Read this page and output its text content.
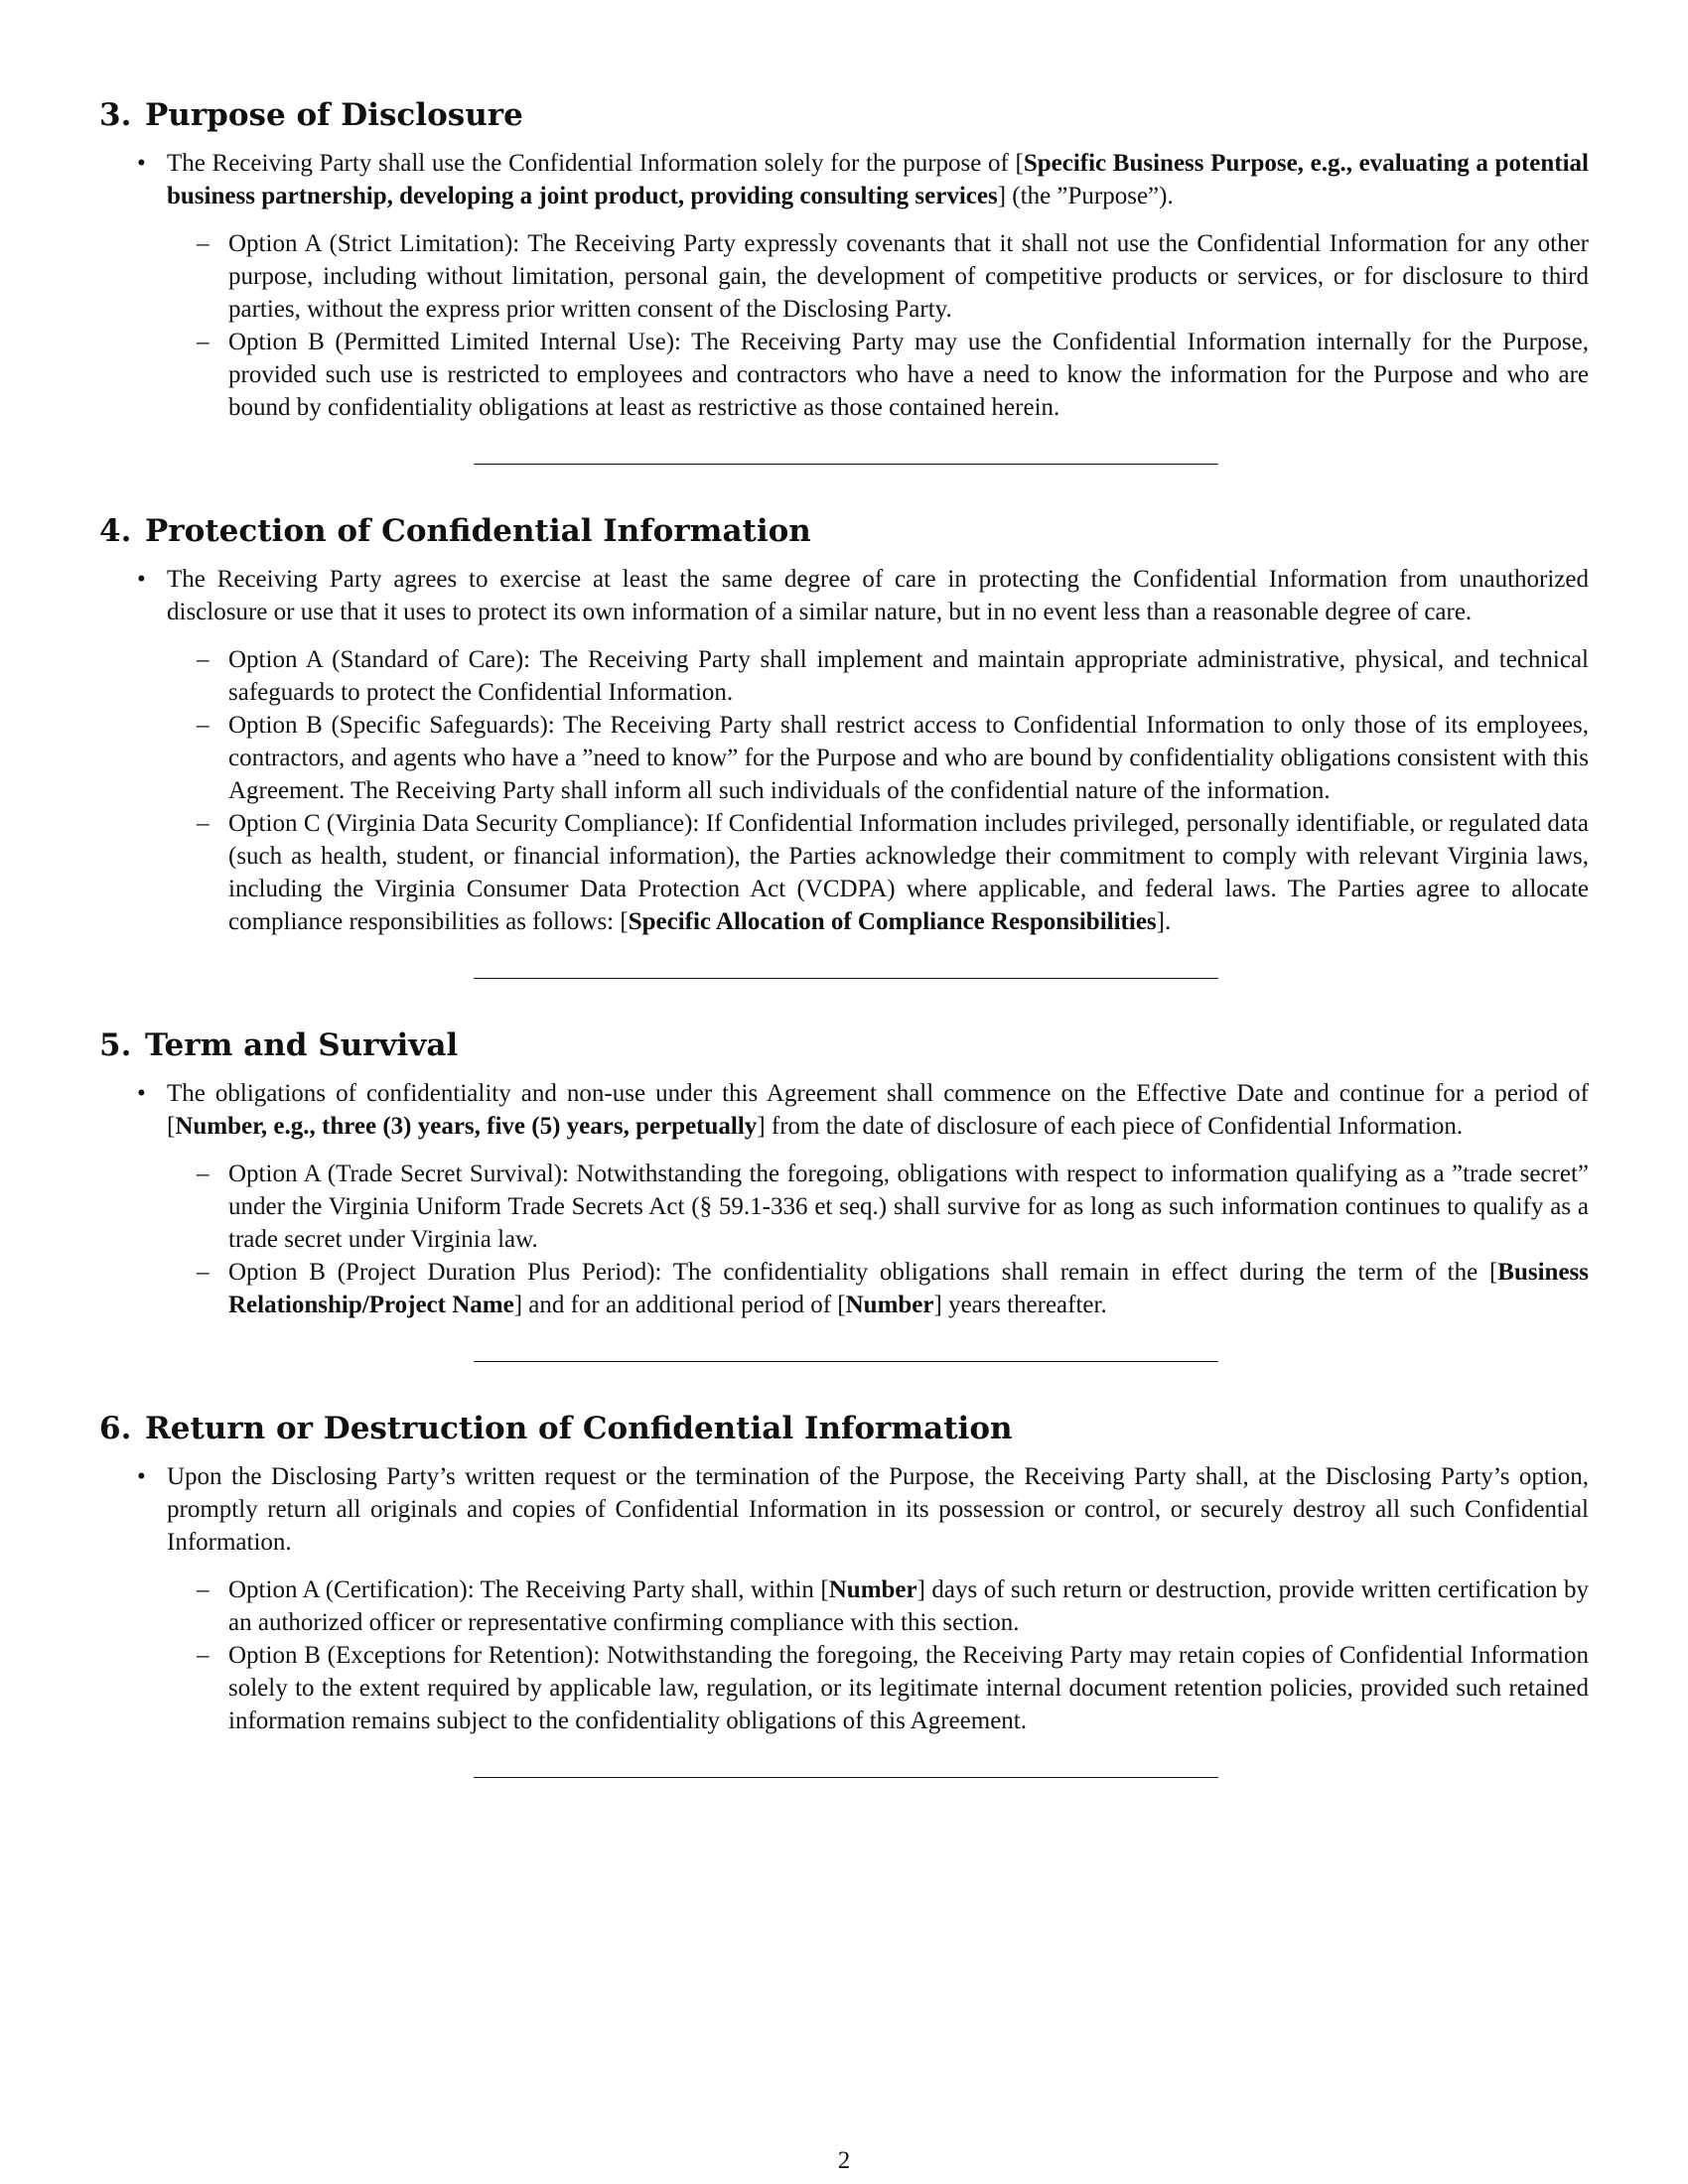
3. Purpose of Disclosure

• The Receiving Party shall use the Confidential Information solely for the purpose of [Specific Business Purpose, e.g., evaluating a potential business partnership, developing a joint product, providing consulting services] (the ”Purpose”).

– Option A (Strict Limitation): The Receiving Party expressly covenants that it shall not use the Confidential Information for any other purpose, including without limitation, personal gain, the development of competitive products or services, or for disclosure to third parties, without the express prior written consent of the Disclosing Party.

– Option B (Permitted Limited Internal Use): The Receiving Party may use the Confidential Information internally for the Purpose, provided such use is restricted to employees and contractors who have a need to know the information for the Purpose and who are bound by confidentiality obligations at least as restrictive as those contained herein.

4. Protection of Confidential Information

• The Receiving Party agrees to exercise at least the same degree of care in protecting the Confidential Information from unauthorized disclosure or use that it uses to protect its own information of a similar nature, but in no event less than a reasonable degree of care.

– Option A (Standard of Care): The Receiving Party shall implement and maintain appropriate administrative, physical, and technical safeguards to protect the Confidential Information.

– Option B (Specific Safeguards): The Receiving Party shall restrict access to Confidential Information to only those of its employees, contractors, and agents who have a ”need to know” for the Purpose and who are bound by confidentiality obligations consistent with this Agreement. The Receiving Party shall inform all such individuals of the confidential nature of the information.

– Option C (Virginia Data Security Compliance): If Confidential Information includes privileged, personally identifiable, or regulated data (such as health, student, or financial information), the Parties acknowledge their commitment to comply with relevant Virginia laws, including the Virginia Consumer Data Protection Act (VCDPA) where applicable, and federal laws. The Parties agree to allocate compliance responsibilities as follows: [Specific Allocation of Compliance Responsibilities].

5. Term and Survival

• The obligations of confidentiality and non-use under this Agreement shall commence on the Effective Date and continue for a period of [Number, e.g., three (3) years, five (5) years, perpetually] from the date of disclosure of each piece of Confidential Information.

– Option A (Trade Secret Survival): Notwithstanding the foregoing, obligations with respect to information qualifying as a ”trade secret” under the Virginia Uniform Trade Secrets Act (§ 59.1-336 et seq.) shall survive for as long as such information continues to qualify as a trade secret under Virginia law.

– Option B (Project Duration Plus Period): The confidentiality obligations shall remain in effect during the term of the [Business Relationship/Project Name] and for an additional period of [Number] years thereafter.

6. Return or Destruction of Confidential Information

• Upon the Disclosing Party’s written request or the termination of the Purpose, the Receiving Party shall, at the Disclosing Party’s option, promptly return all originals and copies of Confidential Information in its possession or control, or securely destroy all such Confidential Information.

– Option A (Certification): The Receiving Party shall, within [Number] days of such return or destruction, provide written certification by an authorized officer or representative confirming compliance with this section.

– Option B (Exceptions for Retention): Notwithstanding the foregoing, the Receiving Party may retain copies of Confidential Information solely to the extent required by applicable law, regulation, or its legitimate internal document retention policies, provided such retained information remains subject to the confidentiality obligations of this Agreement.

2
